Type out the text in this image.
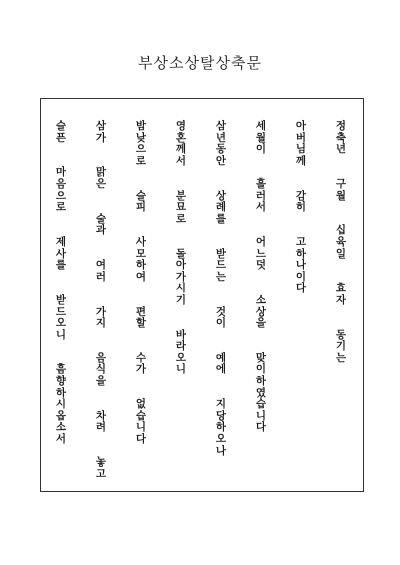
부상소상탈상축문
정
축
년

구
월

십
육
일

효
자

동
기
는
아
버
님
께

감
히

고
하
나
이
다
세
월
이

흘
러
서

어
느
덧

소
상
을

맞
이
하
였
습
니
다
삼
년
동
안

상
례
를

받
드
는

것
이

예
에

지
당
하
오
나
영
혼
께
서

분
묘
로

돌
아
가
시
기

바
라
오
니
밤
낮
으
로

슬
피

사
모
하
여

편
할

수
가

없
습
니
다
삼
가

맑
은

술
과

여
러

가
지

음
식
을

차
려

놓
고
슬
픈

마
음
으
로

제
사
를

받
드
오
니

흠
향
하
시
옵
소
서
